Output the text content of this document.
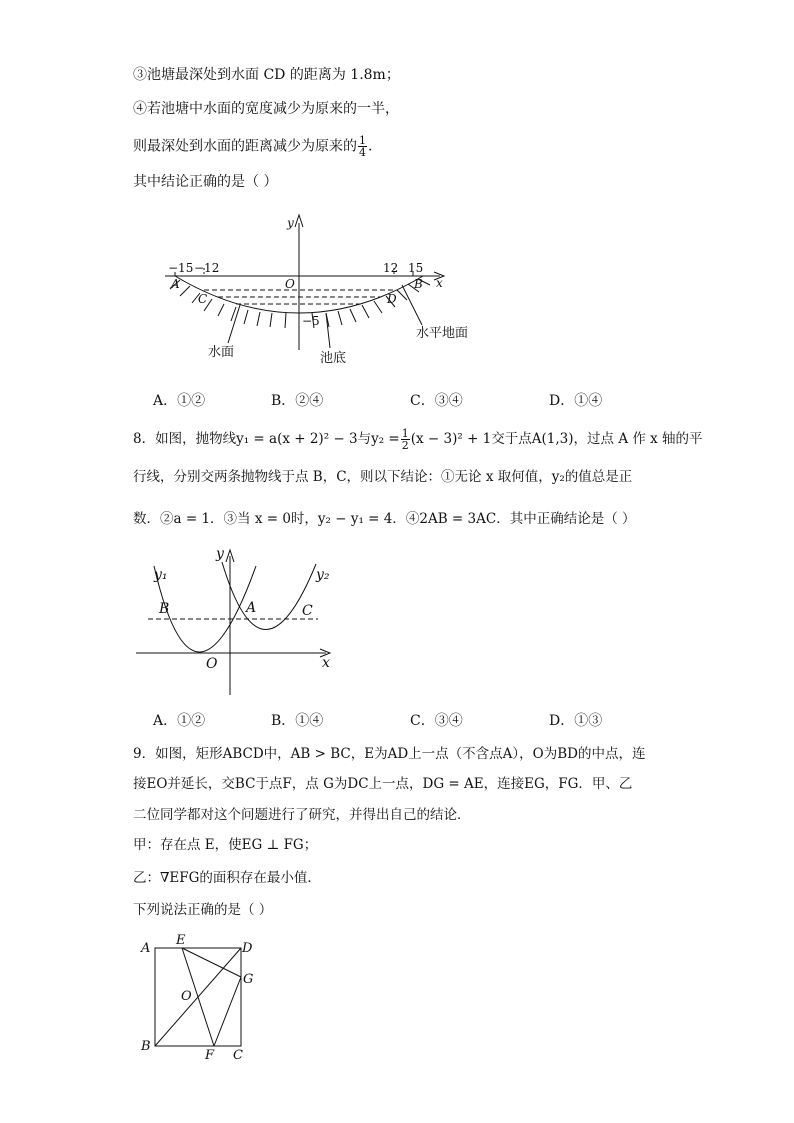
③池塘最深处到水面 CD 的距离为 1.8m；
④若池塘中水面的宽度减少为原来的一半，
则最深处到水面的距离减少为原来的 $\frac{1}{4}$ .
其中结论正确的是（ ）
y
x
−15 −12	12 15
A	O	B
C	D
−5
水面	池底
水平地面
A．①②	B．②④	C．③④	D．①④
8．如图，抛物线y₁ = a(x + 2)² − 3与$y_2 = \frac{1}{2} (x - 3)^2 + 1$交于点A(1,3)，过点 A 作 x 轴的平
行线，分别交两条抛物线于点 B，C，则以下结论：①无论 x 取何值，y₂的值总是正
数．②a = 1．③当 x = 0时，y₂ − y₁ = 4．④2AB = 3AC．其中正确结论是（ ）
y
x
y₁	y₂
B	A	C
O
A．①②	B．①④	C．③④	D．①③
9．如图，矩形ABCD中，AB > BC，E为AD上一点（不含点A），O为BD的中点，连
接EO并延长，交BC于点F，点 G为DC上一点，DG = AE，连接EG，FG．甲、乙
二位同学都对这个问题进行了研究，并得出自己的结论．
甲：存在点 E，使EG ⊥ FG；
乙：∇EFG的面积存在最小值．
下列说法正确的是（ ）
A
E
D
G
O
B
F C
